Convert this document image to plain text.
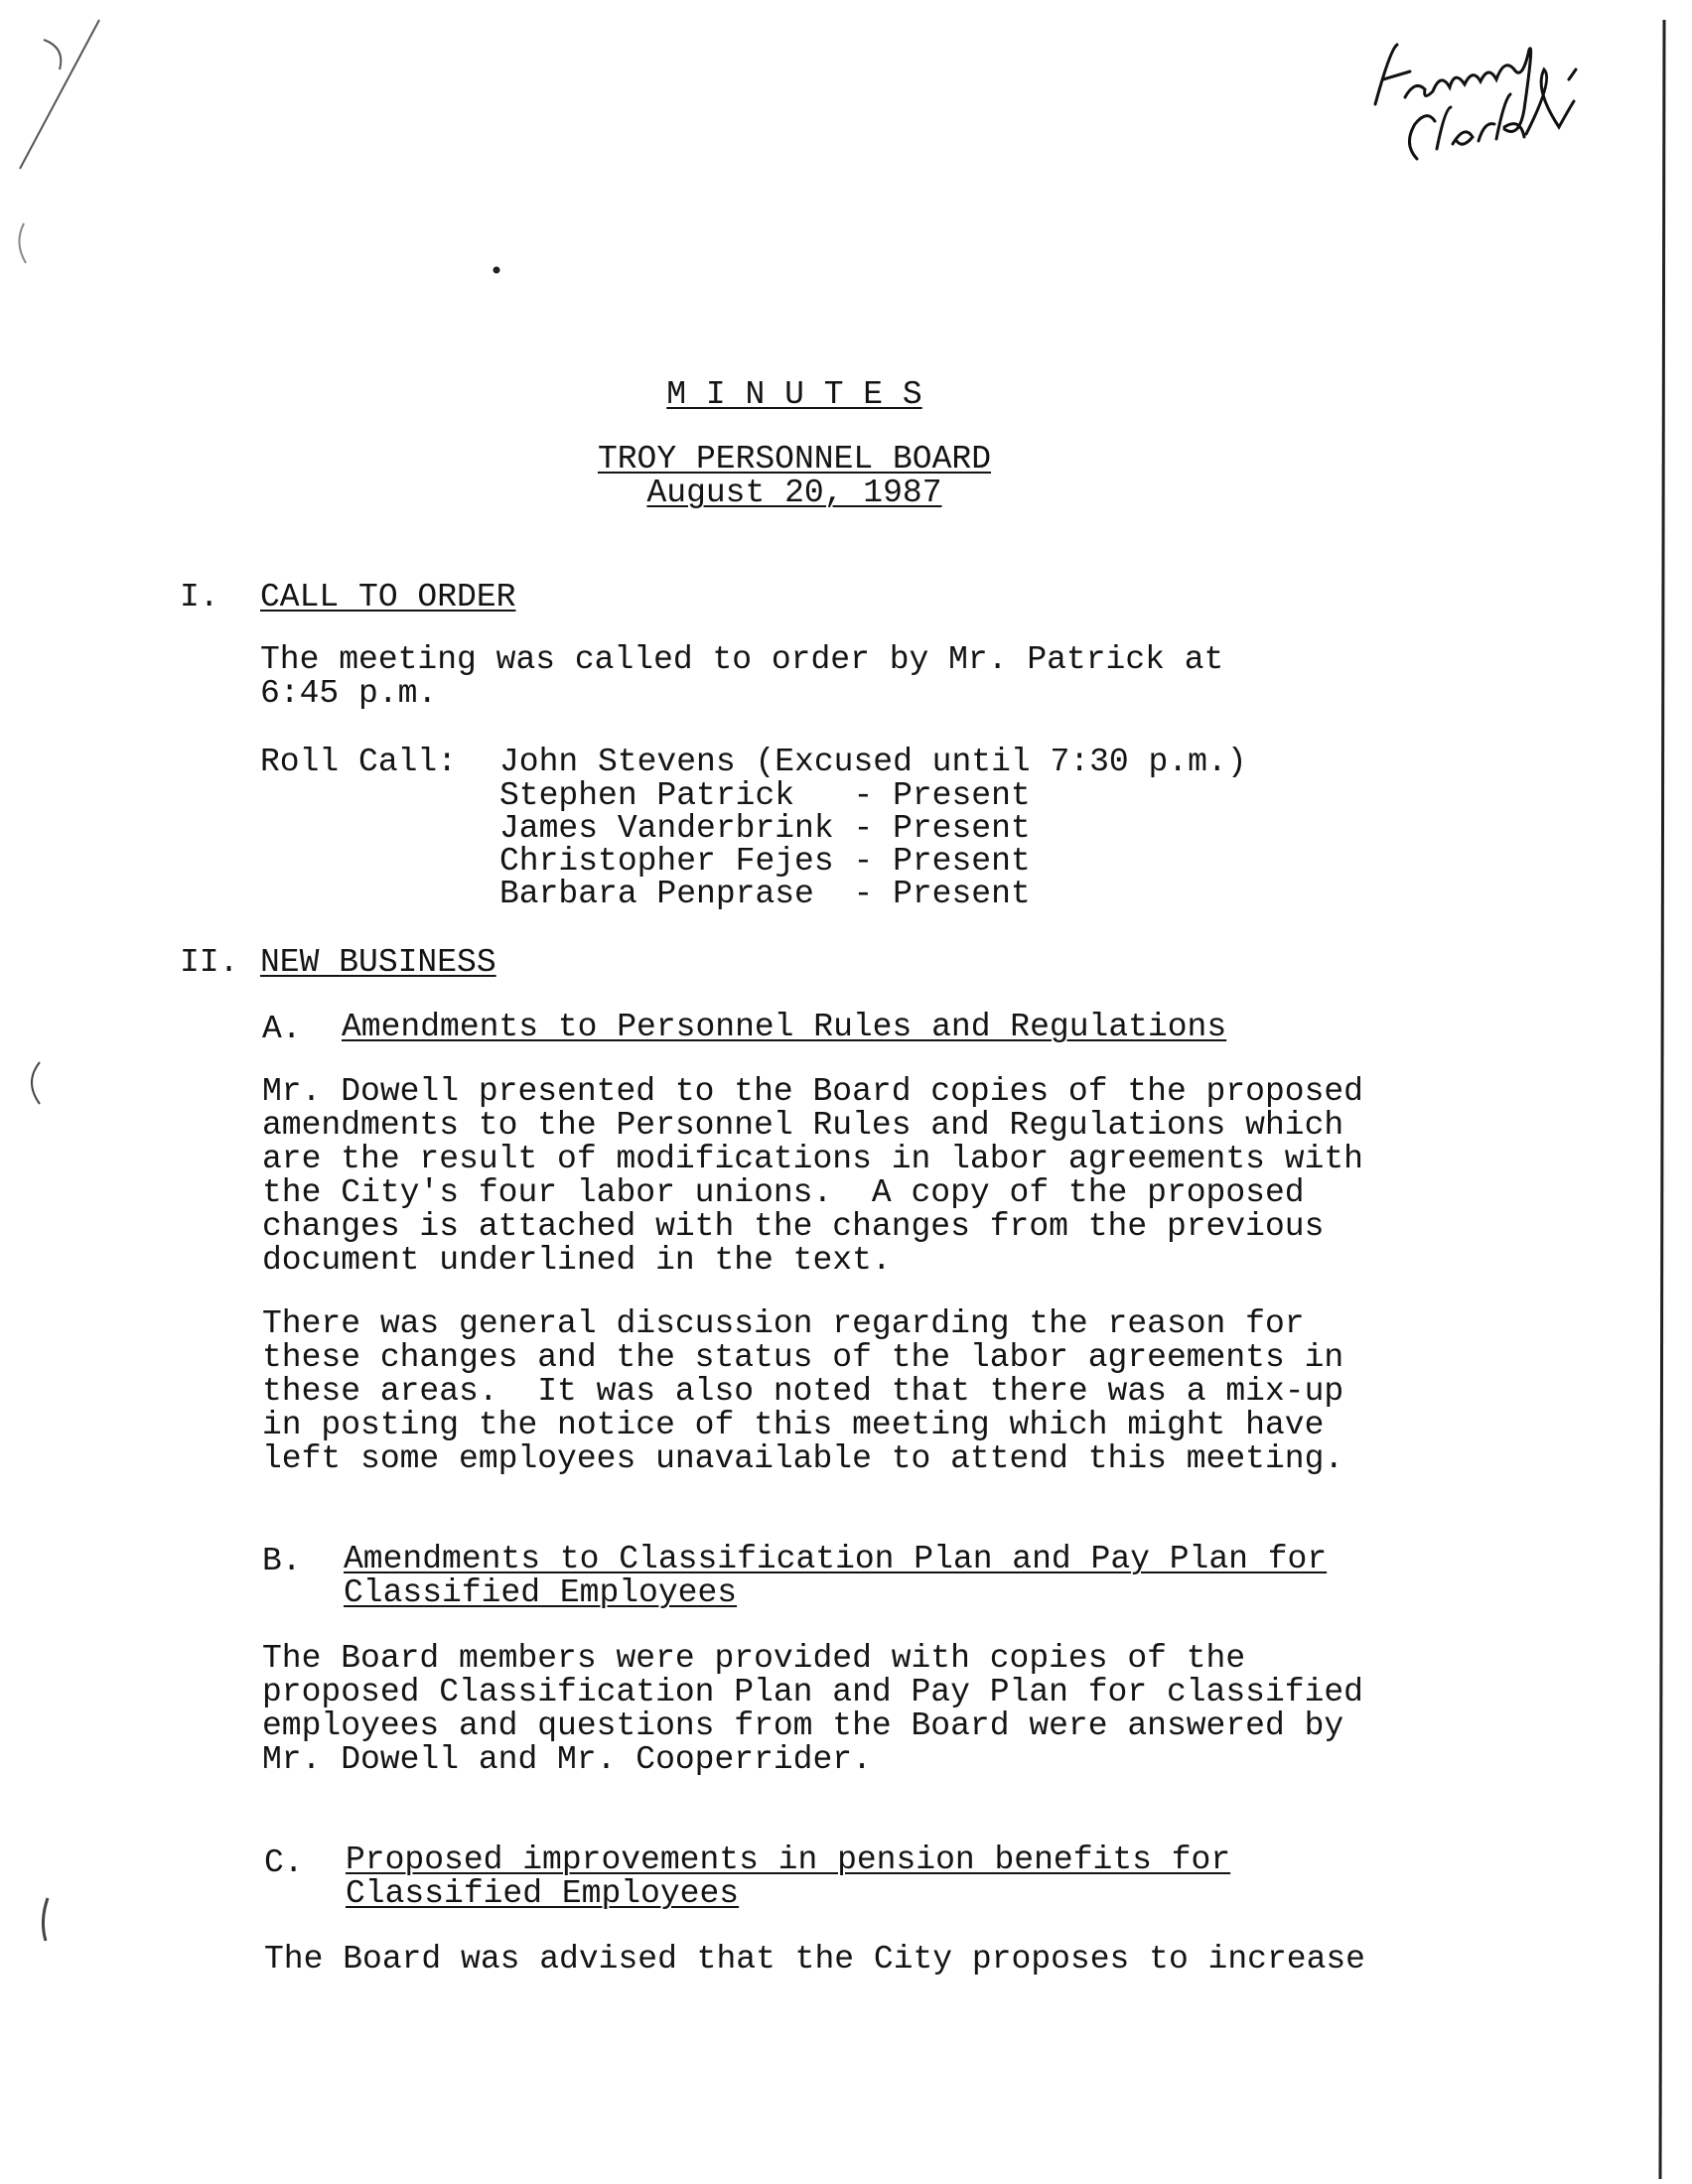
M I N U T E S
TROY PERSONNEL BOARD
August 20, 1987
I. CALL TO ORDER
The meeting was called to order by Mr. Patrick at
6:45 p.m.
Roll Call: John Stevens (Excused until 7:30 p.m.)
Stephen Patrick   - Present
James Vanderbrink - Present
Christopher Fejes - Present
Barbara Penprase  - Present
II. NEW BUSINESS
A. Amendments to Personnel Rules and Regulations
Mr. Dowell presented to the Board copies of the proposed
amendments to the Personnel Rules and Regulations which
are the result of modifications in labor agreements with
the City's four labor unions.  A copy of the proposed
changes is attached with the changes from the previous
document underlined in the text.
There was general discussion regarding the reason for
these changes and the status of the labor agreements in
these areas.  It was also noted that there was a mix-up
in posting the notice of this meeting which might have
left some employees unavailable to attend this meeting.
B. Amendments to Classification Plan and Pay Plan for
Classified Employees
The Board members were provided with copies of the
proposed Classification Plan and Pay Plan for classified
employees and questions from the Board were answered by
Mr. Dowell and Mr. Cooperrider.
C. Proposed improvements in pension benefits for
Classified Employees
The Board was advised that the City proposes to increase
